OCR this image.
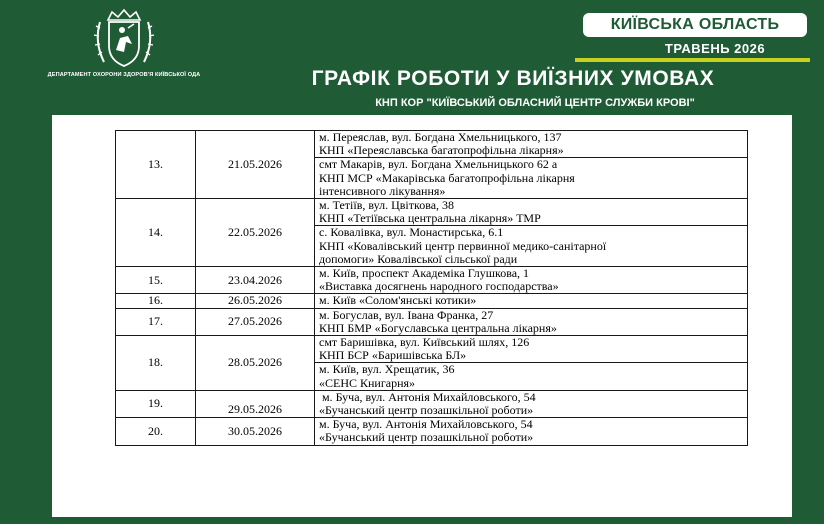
ДЕПАРТАМЕНТ ОХОРОНИ ЗДОРОВ'Я КИЇВСЬКОЇ ОДА
КИЇВСЬКА ОБЛАСТЬ
ТРАВЕНЬ 2026
ГРАФІК РОБОТИ У ВИЇЗНИХ УМОВАХ
КНП КОР "КИЇВСЬКИЙ ОБЛАСНИЙ ЦЕНТР СЛУЖБИ КРОВІ"
13.	21.05.2026	м. Переяслав, вул. Богдана Хмельницького, 137
КНП «Переяславська багатопрофільна лікарня»

		смт Макарів, вул. Богдана Хмельницького 62 а
КНП МСР «Макарівська багатопрофільна лікарня
інтенсивного лікування»

14.	22.05.2026	м. Тетіїв, вул. Цвіткова, 38
КНП «Тетіївська центральна лікарня» ТМР

		с. Ковалівка, вул. Монастирська, 6.1
КНП «Ковалівський центр первинної медико-санітарної
допомоги» Ковалівської сільської ради

15.	23.04.2026	м. Київ, проспект Академіка Глушкова, 1
«Виставка досягнень народного господарства»

16.	26.05.2026	м. Київ «Солом'янські котики»

17.	27.05.2026	м. Богуслав, вул. Івана Франка, 27
КНП БМР «Богуславська центральна лікарня»

18.	28.05.2026	смт Баришівка, вул. Київський шлях, 126
КНП БСР «Баришівська БЛ»

		м. Київ, вул. Хрещатик, 36
«СЕНС Книгарня»

19.	29.05.2026	м. Буча, вул. Антонія Михайловського, 54
«Бучанський центр позашкільної роботи»

20.	30.05.2026	м. Буча, вул. Антонія Михайловського, 54
«Бучанський центр позашкільної роботи»
